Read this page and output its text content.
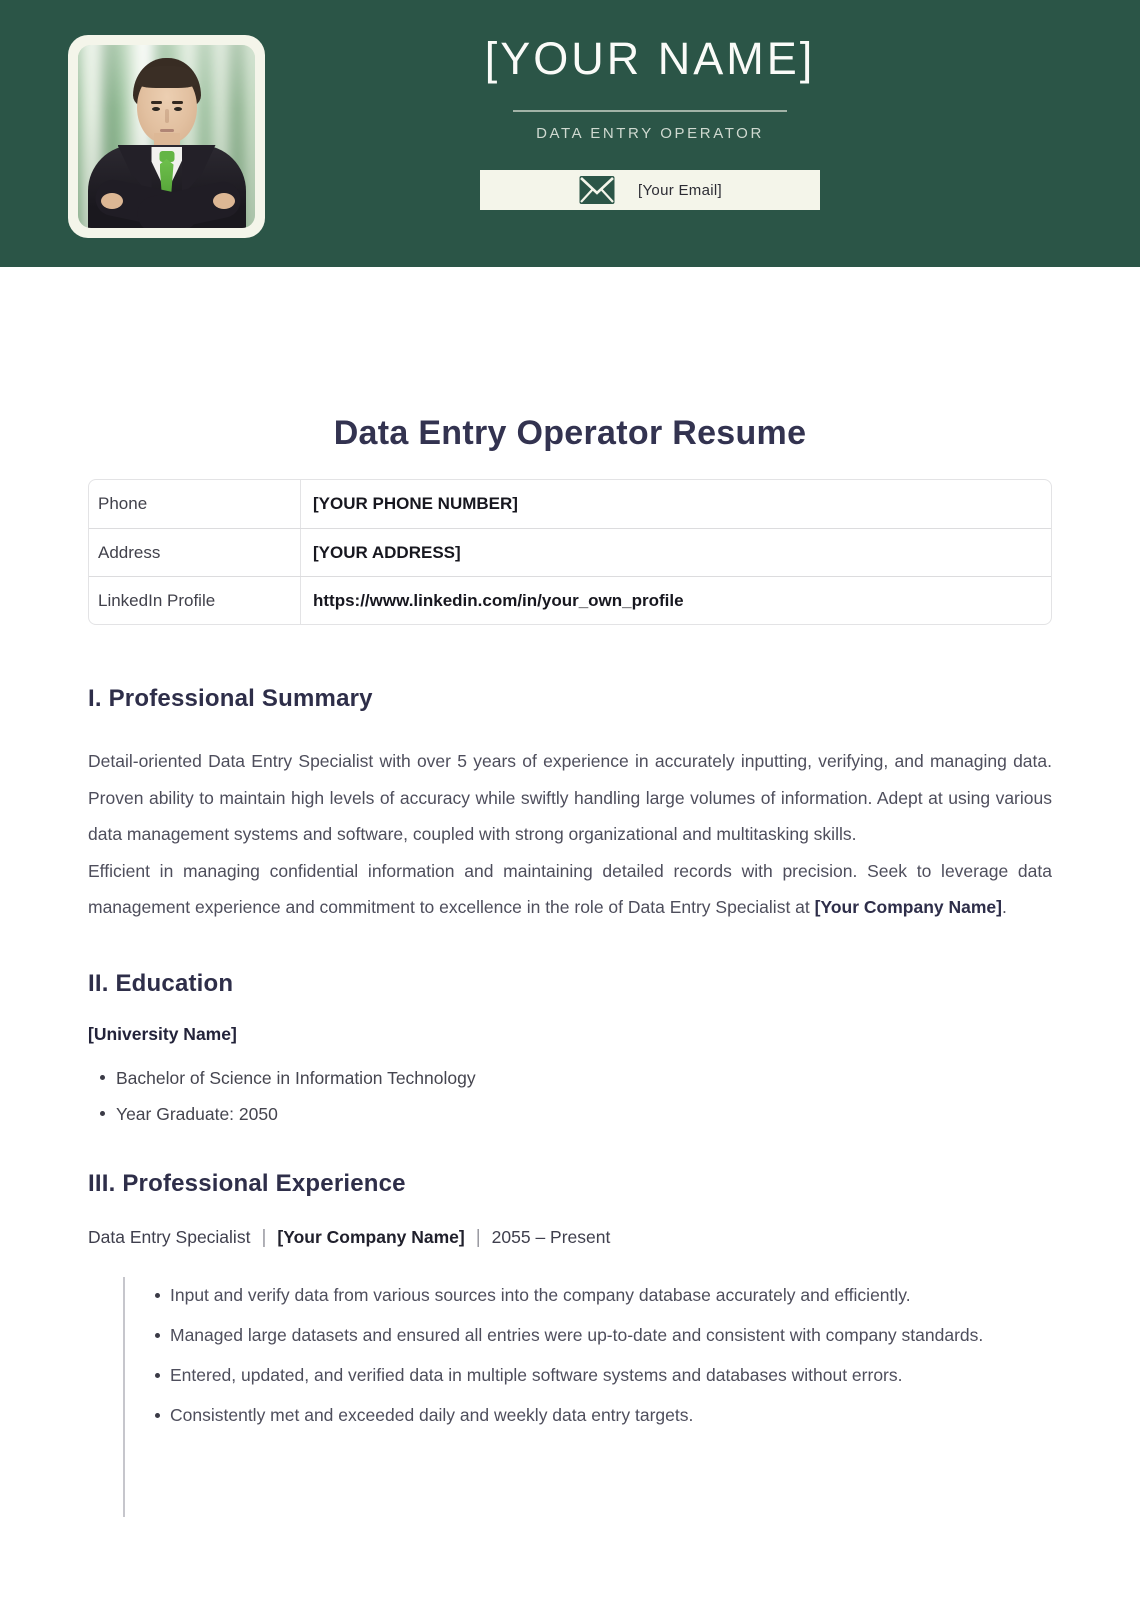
[YOUR NAME]
DATA ENTRY OPERATOR
[Your Email]
Data Entry Operator Resume
Phone	[YOUR PHONE NUMBER]
Address	[YOUR ADDRESS]
LinkedIn Profile	https://www.linkedin.com/in/your_own_profile
I. Professional Summary

Detail-oriented Data Entry Specialist with over 5 years of experience in accurately inputting, verifying, and managing data. Proven ability to maintain high levels of accuracy while swiftly handling large volumes of information. Adept at using various data management systems and software, coupled with strong organizational and multitasking skills.

Efficient in managing confidential information and maintaining detailed records with precision. Seek to leverage data management experience and commitment to excellence in the role of Data Entry Specialist at [Your Company Name].

II. Education
[University Name]
Bachelor of Science in Information Technology
Year Graduate: 2050
III. Professional Experience
Data Entry Specialist | [Your Company Name] | 2055 – Present
Input and verify data from various sources into the company database accurately and efficiently.
Managed large datasets and ensured all entries were up-to-date and consistent with company standards.
Entered, updated, and verified data in multiple software systems and databases without errors.
Consistently met and exceeded daily and weekly data entry targets.
